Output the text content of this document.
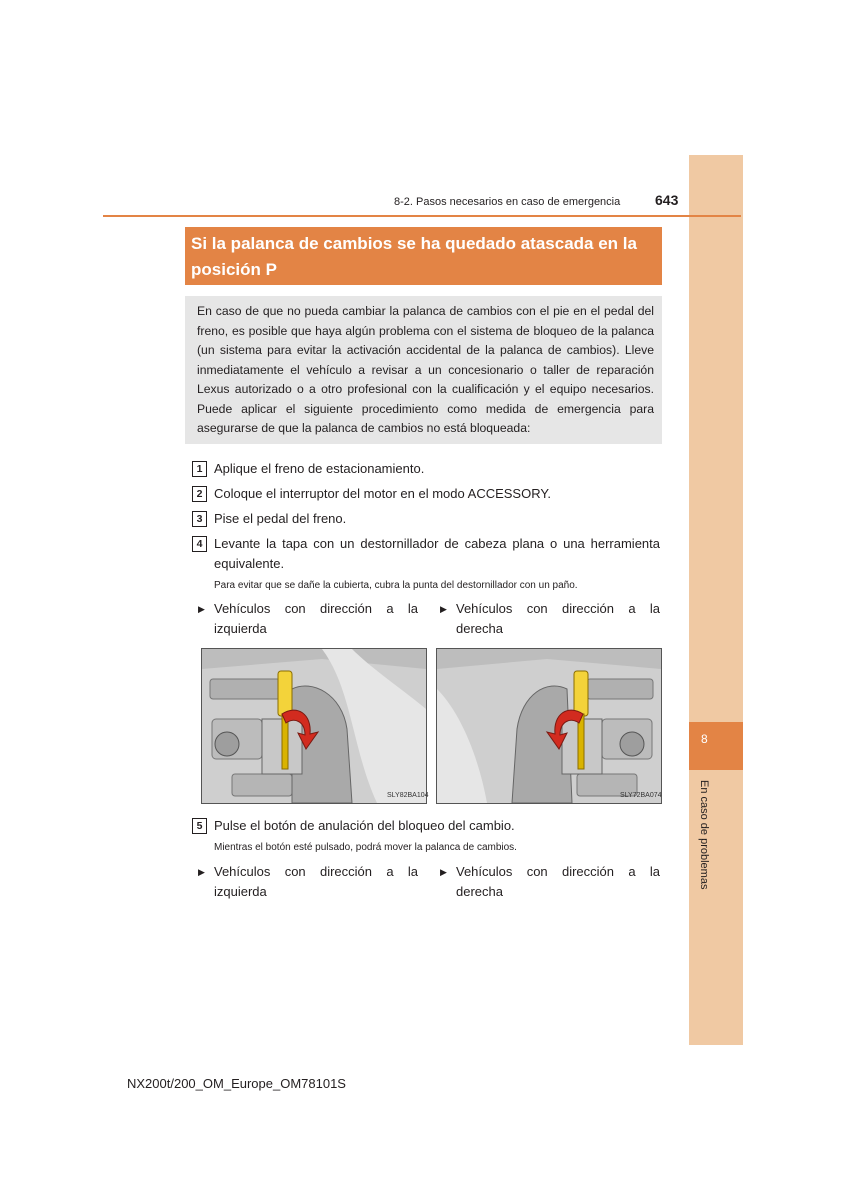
8
En caso de problemas
8-2. Pasos necesarios en caso de emergencia 643
Si la palanca de cambios se ha quedado atascada en la posición P
En caso de que no pueda cambiar la palanca de cambios con el pie en el pedal del freno, es posible que haya algún problema con el sistema de bloqueo de la palanca (un sistema para evitar la activación accidental de la palanca de cambios). Lleve inmediatamente el vehículo a revisar a un concesionario o taller de reparación Lexus autorizado o a otro profesional con la cualificación y el equipo necesarios. Puede aplicar el siguiente procedimiento como medida de emergencia para asegurarse de que la palanca de cambios no está bloqueada:
1 Aplique el freno de estacionamiento.
2 Coloque el interruptor del motor en el modo ACCESSORY.
3 Pise el pedal del freno.
4 Levante la tapa con un destornillador de cabeza plana o una herramienta equivalente.
Para evitar que se dañe la cubierta, cubra la punta del destornillador con un paño.
▶ Vehículos con dirección a la
izquierda
▶ Vehículos con dirección a la
derecha
SLY82BA104	SLY72BA074
5 Pulse el botón de anulación del bloqueo del cambio.
Mientras el botón esté pulsado, podrá mover la palanca de cambios.
▶ Vehículos con dirección a la
izquierda
▶ Vehículos con dirección a la
derecha
NX200t/200_OM_Europe_OM78101S
